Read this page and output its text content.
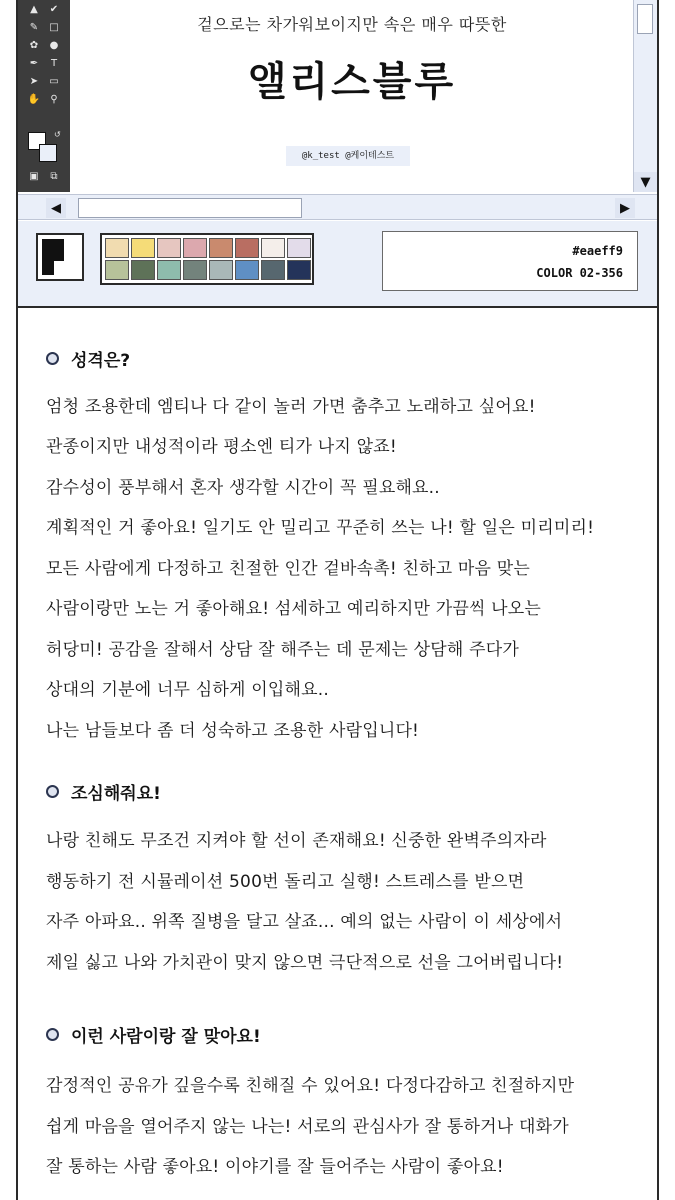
▲	✔
✎ □
✿ ●
✒	T
➤ ▭
✋	⚲
↺
▣	⧉
겉으로는 차가워보이지만 속은 매우 따뜻한
앨리스블루
@k_test @케이테스트
▼
◀	▶
#eaeff9
COLOR 02-356
성격은?
엄청 조용한데 엠티나 다 같이 놀러 가면 춤추고 노래하고 싶어요!
관종이지만 내성적이라 평소엔 티가 나지 않죠!
감수성이 풍부해서 혼자 생각할 시간이 꼭 필요해요..
계획적인 거 좋아요! 일기도 안 밀리고 꾸준히 쓰는 나! 할 일은 미리미리!
모든 사람에게 다정하고 친절한 인간 겉바속촉! 친하고 마음 맞는
사람이랑만 노는 거 좋아해요! 섬세하고 예리하지만 가끔씩 나오는
허당미! 공감을 잘해서 상담 잘 해주는 데 문제는 상담해 주다가
상대의 기분에 너무 심하게 이입해요..
나는 남들보다 좀 더 성숙하고 조용한 사람입니다!
조심해줘요!
나랑 친해도 무조건 지켜야 할 선이 존재해요! 신중한 완벽주의자라
행동하기 전 시뮬레이션 500번 돌리고 실행! 스트레스를 받으면
자주 아파요.. 위쪽 질병을 달고 살죠... 예의 없는 사람이 이 세상에서
제일 싫고 나와 가치관이 맞지 않으면 극단적으로 선을 그어버립니다!
이런 사람이랑 잘 맞아요!
감정적인 공유가 깊을수록 친해질 수 있어요! 다정다감하고 친절하지만
쉽게 마음을 열어주지 않는 나는! 서로의 관심사가 잘 통하거나 대화가
잘 통하는 사람 좋아요! 이야기를 잘 들어주는 사람이 좋아요!
